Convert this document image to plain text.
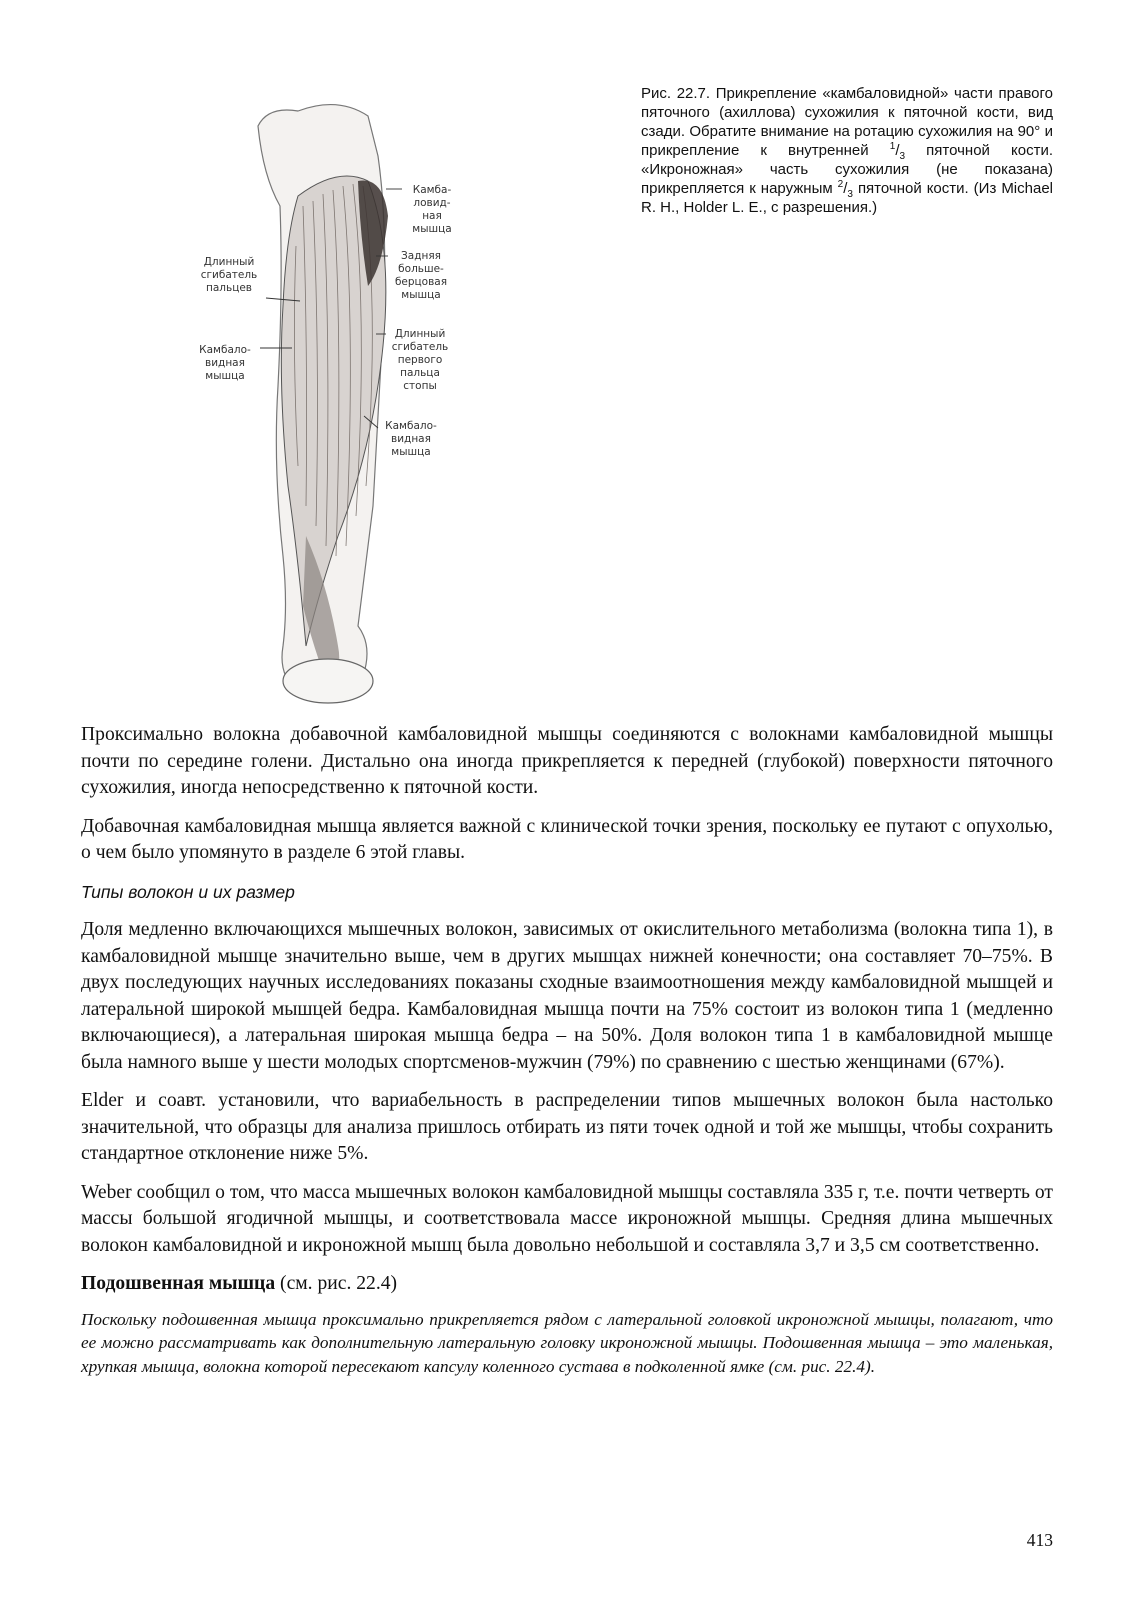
Камба-
ловид-
ная
мышца
Задняя
больше-
берцовая
мышца
Длинный
сгибатель
пальцев
Длинный
сгибатель
первого
пальца
стопы
Камбало-
видная
мышца
Камбало-
видная
мышца
Рис. 22.7. Прикрепление «камбаловидной» части правого пяточного (ахиллова) сухожилия к пяточной кости, вид сзади. Обратите внимание на ротацию сухожилия на 90° и прикрепление к внутренней $^1/_3$ пяточной кости. «Икроножная» часть сухожилия (не показана) прикрепляется к наружным $^2/_3$ пяточной кости. (Из Michael R. H., Holder L. E., с разрешения.)

Проксимально волокна добавочной камбаловидной мышцы соединяются с волокнами камбаловидной мышцы почти по середине голени. Дистально она иногда прикрепляется к передней (глубокой) поверхности пяточного сухожилия, иногда непосредственно к пяточной кости.

Добавочная камбаловидная мышца является важной с клинической точки зрения, поскольку ее путают с опухолью, о чем было упомянуто в разделе 6 этой главы.

Типы волокон и их размер

Доля медленно включающихся мышечных волокон, зависимых от окислительного метаболизма (волокна типа 1), в камбаловидной мышце значительно выше, чем в других мышцах нижней конечности; она составляет 70–75%. В двух последующих научных исследованиях показаны сходные взаимоотношения между камбаловидной мышцей и латеральной широкой мышцей бедра. Камбаловидная мышца почти на 75% состоит из волокон типа 1 (медленно включающиеся), а латеральная широкая мышца бедра – на 50%. Доля волокон типа 1 в камбаловидной мышце была намного выше у шести молодых спортсменов-мужчин (79%) по сравнению с шестью женщинами (67%).

Elder и соавт. установили, что вариабельность в распределении типов мышечных волокон была настолько значительной, что образцы для анализа пришлось отбирать из пяти точек одной и той же мышцы, чтобы сохранить стандартное отклонение ниже 5%.

Weber сообщил о том, что масса мышечных волокон камбаловидной мышцы составляла 335 г, т.е. почти четверть от массы большой ягодичной мышцы, и соответствовала массе икроножной мышцы. Средняя длина мышечных волокон камбаловидной и икроножной мышц была довольно небольшой и составляла 3,7 и 3,5 см соответственно.

Подошвенная мышца (см. рис. 22.4)

Поскольку подошвенная мышца проксимально прикрепляется рядом с латеральной головкой икроножной мышцы, полагают, что ее можно рассматривать как дополнительную латеральную головку икроножной мышцы. Подошвенная мышца – это маленькая, хрупкая мышца, волокна которой пересекают капсулу коленного сустава в подколенной ямке (см. рис. 22.4).

413
